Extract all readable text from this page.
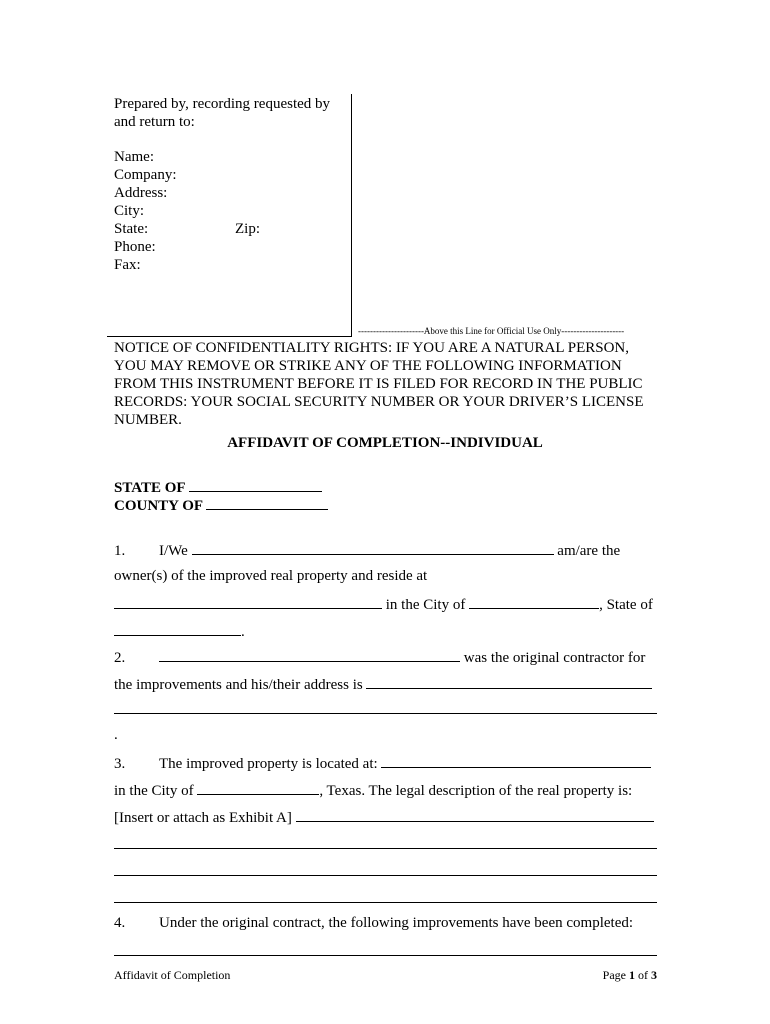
Prepared by, recording requested by
and return to:
Name:
Company:
Address:
City:
State:	Zip:
Phone:
Fax:
----------------------Above this Line for Official Use Only---------------------
NOTICE OF CONFIDENTIALITY RIGHTS: IF YOU ARE A NATURAL PERSON, YOU MAY REMOVE OR STRIKE ANY OF THE FOLLOWING INFORMATION FROM THIS INSTRUMENT BEFORE IT IS FILED FOR RECORD IN THE PUBLIC RECORDS: YOUR SOCIAL SECURITY NUMBER OR YOUR DRIVER’S LICENSE NUMBER.
AFFIDAVIT OF COMPLETION--INDIVIDUAL
STATE OF
COUNTY OF
1. I/We	am/are the
owner(s) of the improved real property and reside at
in the City of	, State of
.
2.	was the original contractor for
the improvements and his/their address is
.
3. The improved property is located at:
in the City of	, Texas. The legal description of the real property is:
[Insert or attach as Exhibit A]
4. Under the original contract, the following improvements have been completed:
Affidavit of Completion	Page 1 of 3
